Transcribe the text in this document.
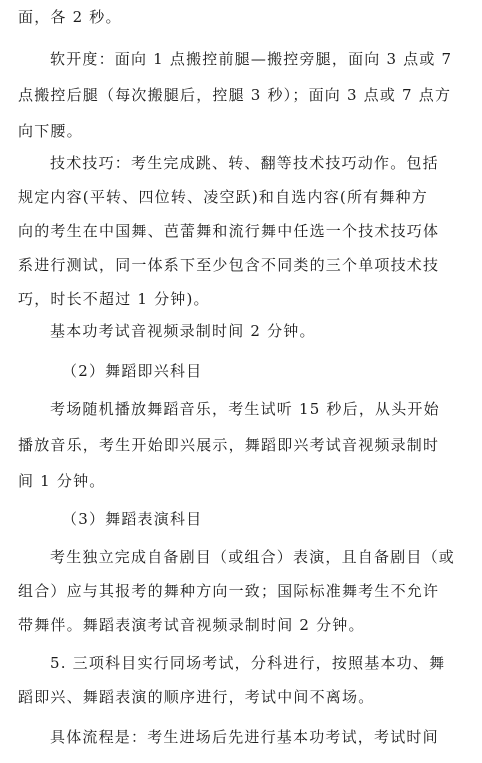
面，各 2 秒。
软开度：面向 1 点搬控前腿—搬控旁腿，面向 3 点或 7
点搬控后腿（每次搬腿后，控腿 3 秒）；面向 3 点或 7 点方
向下腰。
技术技巧：考生完成跳、转、翻等技术技巧动作。包括
规定内容(平转、四位转、凌空跃)和自选内容(所有舞种方
向的考生在中国舞、芭蕾舞和流行舞中任选一个技术技巧体
系进行测试，同一体系下至少包含不同类的三个单项技术技
巧，时长不超过 1 分钟)。
基本功考试音视频录制时间 2 分钟。
（2）舞蹈即兴科目
考场随机播放舞蹈音乐，考生试听 15 秒后，从头开始
播放音乐，考生开始即兴展示，舞蹈即兴考试音视频录制时
间 1 分钟。
（3）舞蹈表演科目
考生独立完成自备剧目（或组合）表演，且自备剧目（或
组合）应与其报考的舞种方向一致；国际标准舞考生不允许
带舞伴。舞蹈表演考试音视频录制时间 2 分钟。
5. 三项科目实行同场考试，分科进行，按照基本功、舞
蹈即兴、舞蹈表演的顺序进行，考试中间不离场。
具体流程是：考生进场后先进行基本功考试，考试时间
